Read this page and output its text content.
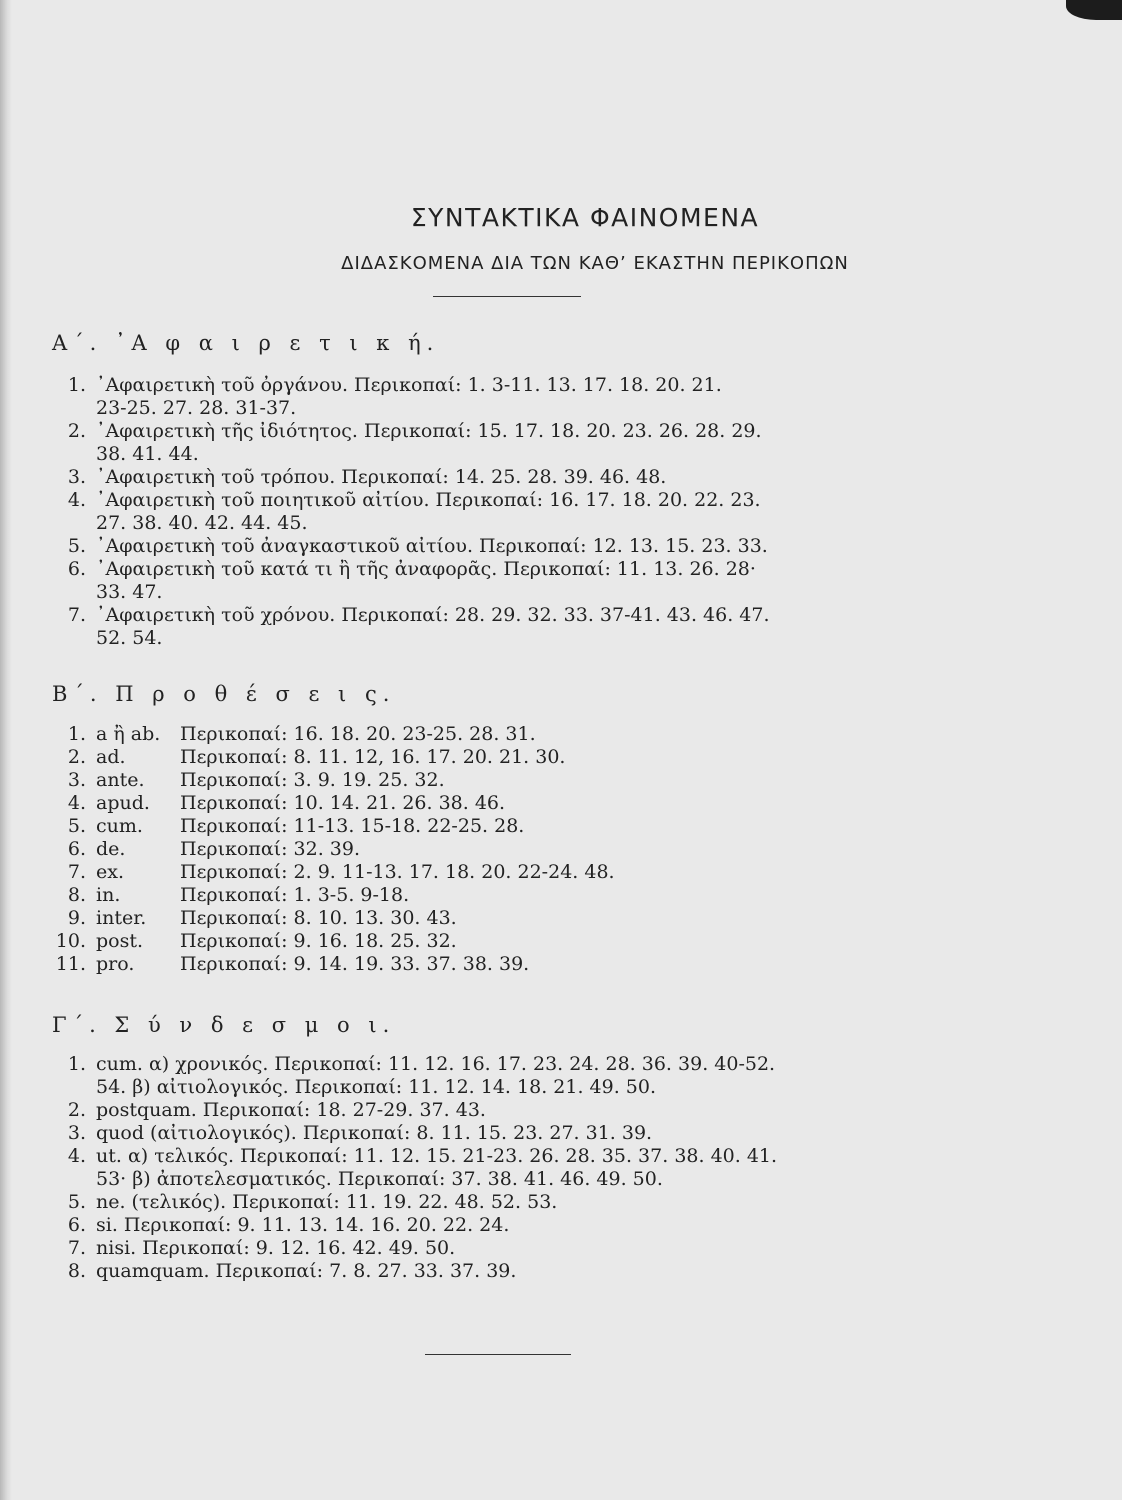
ΣΥΝΤΑΚΤΙΚΑ ΦΑΙΝΟΜΕΝΑ
ΔΙΔΑΣΚΟΜΕΝΑ ΔΙΑ ΤΩΝ ΚΑΘ’ ΕΚΑΣΤΗΝ ΠΕΡΙΚΟΠΩΝ
Α΄. ᾿Α φ α ι ρ ε τ ι κ ή.
1. ᾿Αφαιρετικὴ τοῦ ὀργάνου. Περικοπαί: 1. 3-11. 13. 17. 18. 20. 21.
23-25. 27. 28. 31-37.
2. ᾿Αφαιρετικὴ τῆς ἰδιότητος. Περικοπαί: 15. 17. 18. 20. 23. 26. 28. 29.
38. 41. 44.
3. ᾿Αφαιρετικὴ τοῦ τρόπου. Περικοπαί: 14. 25. 28. 39. 46. 48.
4. ᾿Αφαιρετικὴ τοῦ ποιητικοῦ αἰτίου. Περικοπαί: 16. 17. 18. 20. 22. 23.
27. 38. 40. 42. 44. 45.
5. ᾿Αφαιρετικὴ τοῦ ἀναγκαστικοῦ αἰτίου. Περικοπαί: 12. 13. 15. 23. 33.
6. ᾿Αφαιρετικὴ τοῦ κατά τι ἢ τῆς ἀναφορᾶς. Περικοπαί: 11. 13. 26. 28·
33. 47.
7. ᾿Αφαιρετικὴ τοῦ χρόνου. Περικοπαί: 28. 29. 32. 33. 37-41. 43. 46. 47.
52. 54.
Β΄. Π ρ ο θ έ σ ε ι ς.
1. a ἢ ab. Περικοπαί: 16. 18. 20. 23-25. 28. 31.
2. ad.	Περικοπαί: 8. 11. 12, 16. 17. 20. 21. 30.
3. ante. Περικοπαί: 3. 9. 19. 25. 32.
4. apud. Περικοπαί: 10. 14. 21. 26. 38. 46.
5. cum. Περικοπαί: 11-13. 15-18. 22-25. 28.
6. de.	Περικοπαί: 32. 39.
7. ex.	Περικοπαί: 2. 9. 11-13. 17. 18. 20. 22-24. 48.
8. in.	Περικοπαί: 1. 3-5. 9-18.
9. inter. Περικοπαί: 8. 10. 13. 30. 43.
10. post. Περικοπαί: 9. 16. 18. 25. 32.
11. pro. Περικοπαί: 9. 14. 19. 33. 37. 38. 39.
Γ΄. Σ ύ ν δ ε σ μ ο ι.
1. cum. α) χρονικός. Περικοπαί: 11. 12. 16. 17. 23. 24. 28. 36. 39. 40-52.
54. β) αἰτιολογικός. Περικοπαί: 11. 12. 14. 18. 21. 49. 50.
2. postquam. Περικοπαί: 18. 27-29. 37. 43.
3. quod (αἰτιολογικός). Περικοπαί: 8. 11. 15. 23. 27. 31. 39.
4. ut. α) τελικός. Περικοπαί: 11. 12. 15. 21-23. 26. 28. 35. 37. 38. 40. 41.
53· β) ἀποτελεσματικός. Περικοπαί: 37. 38. 41. 46. 49. 50.
5. ne. (τελικός). Περικοπαί: 11. 19. 22. 48. 52. 53.
6. si. Περικοπαί: 9. 11. 13. 14. 16. 20. 22. 24.
7. nisi. Περικοπαί: 9. 12. 16. 42. 49. 50.
8. quamquam. Περικοπαί: 7. 8. 27. 33. 37. 39.
